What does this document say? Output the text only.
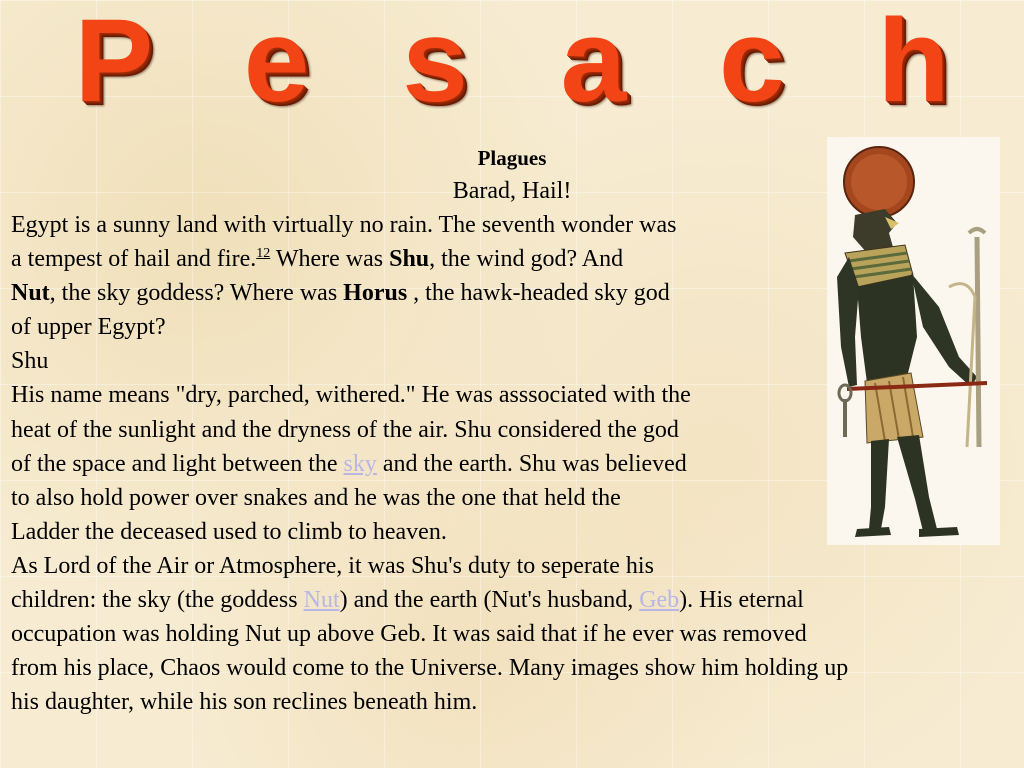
P e s a c h
Plagues
Barad, Hail!
Egypt is a sunny land with virtually no rain. The seventh wonder was
a tempest of hail and fire.$^{12}$ Where was Shu, the wind god? And
Nut, the sky goddess? Where was Horus , the hawk-headed sky god
of upper Egypt?
Shu
His name means "dry, parched, withered." He was asssociated with the
heat of the sunlight and the dryness of the air. Shu considered the god
of the space and light between the sky and the earth. Shu was believed
to also hold power over snakes and he was the one that held the
Ladder the deceased used to climb to heaven.
As Lord of the Air or Atmosphere, it was Shu's duty to seperate his
children: the sky (the goddess Nut) and the earth (Nut's husband, Geb). His eternal
occupation was holding Nut up above Geb. It was said that if he ever was removed
from his place, Chaos would come to the Universe. Many images show him holding up
his daughter, while his son reclines beneath him.
